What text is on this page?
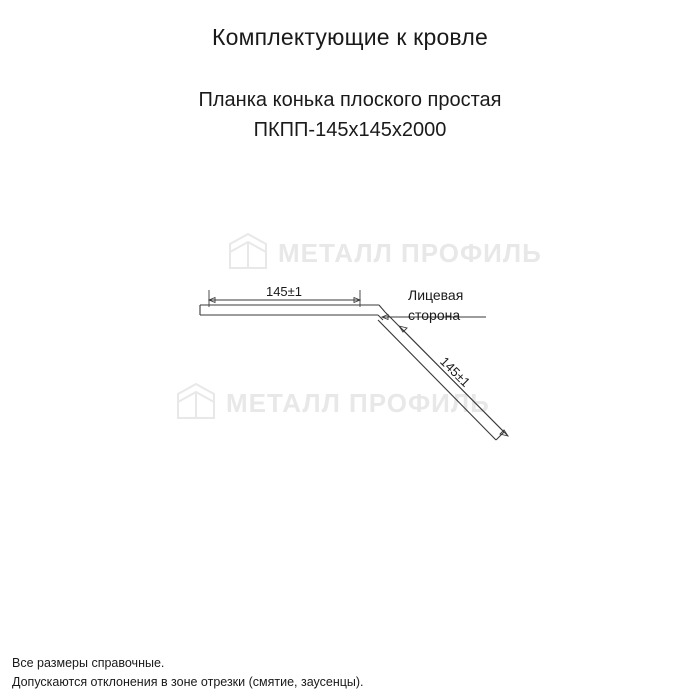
Комплектующие к кровле
Планка конька плоского простая
ПКПП-145x145x2000
МЕТАЛЛ ПРОФИЛЬ
МЕТАЛЛ ПРОФИЛЬ
145±1
145±1
Лицевая
сторона
Все размеры справочные.
Допускаются отклонения в зоне отрезки (смятие, заусенцы).
